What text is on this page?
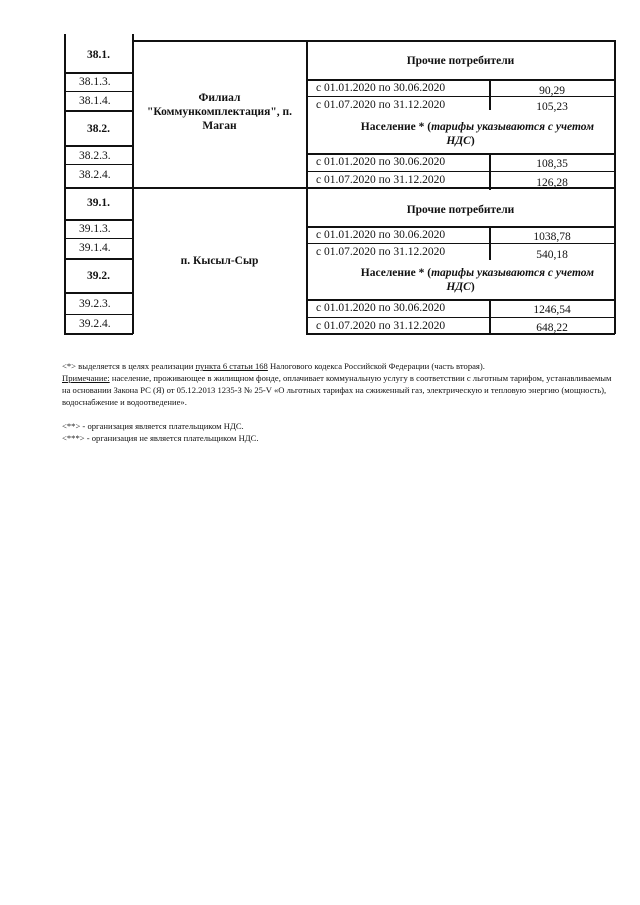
38.1.
38.1.3.
38.1.4.
38.2.
38.2.3.
38.2.4.
39.1.
39.1.3.
39.1.4.
39.2.
39.2.3.
39.2.4.
Филиал
"Коммункомплектация", п.
Маган
п. Кысыл-Сыр
Прочие потребители
Население * (тарифы указываются с учетом
НДС)
Прочие потребители
Население * (тарифы указываются с учетом
НДС)
с 01.01.2020 по 30.06.2020
с 01.07.2020 по 31.12.2020
с 01.01.2020 по 30.06.2020
с 01.07.2020 по 31.12.2020
с 01.01.2020 по 30.06.2020
с 01.07.2020 по 31.12.2020
с 01.01.2020 по 30.06.2020
с 01.07.2020 по 31.12.2020
90,29
105,23
108,35
126,28
1038,78
540,18
1246,54
648,22

<*> выделяется в целях реализации пункта 6 статьи 168 Налогового кодекса Российской Федерации (часть вторая).

Примечание: население, проживающее в жилищном фонде, оплачивает коммунальную услугу в соответствии с льготным тарифом, устанавливаемым на основании Закона РС (Я) от 05.12.2013 1235-З № 25-V «О льготных тарифах на сжиженный газ, электрическую и тепловую энергию (мощность), водоснабжение и водоотведение».

<**> - организация является плательщиком НДС.

<***> - организация не является плательщиком НДС.
